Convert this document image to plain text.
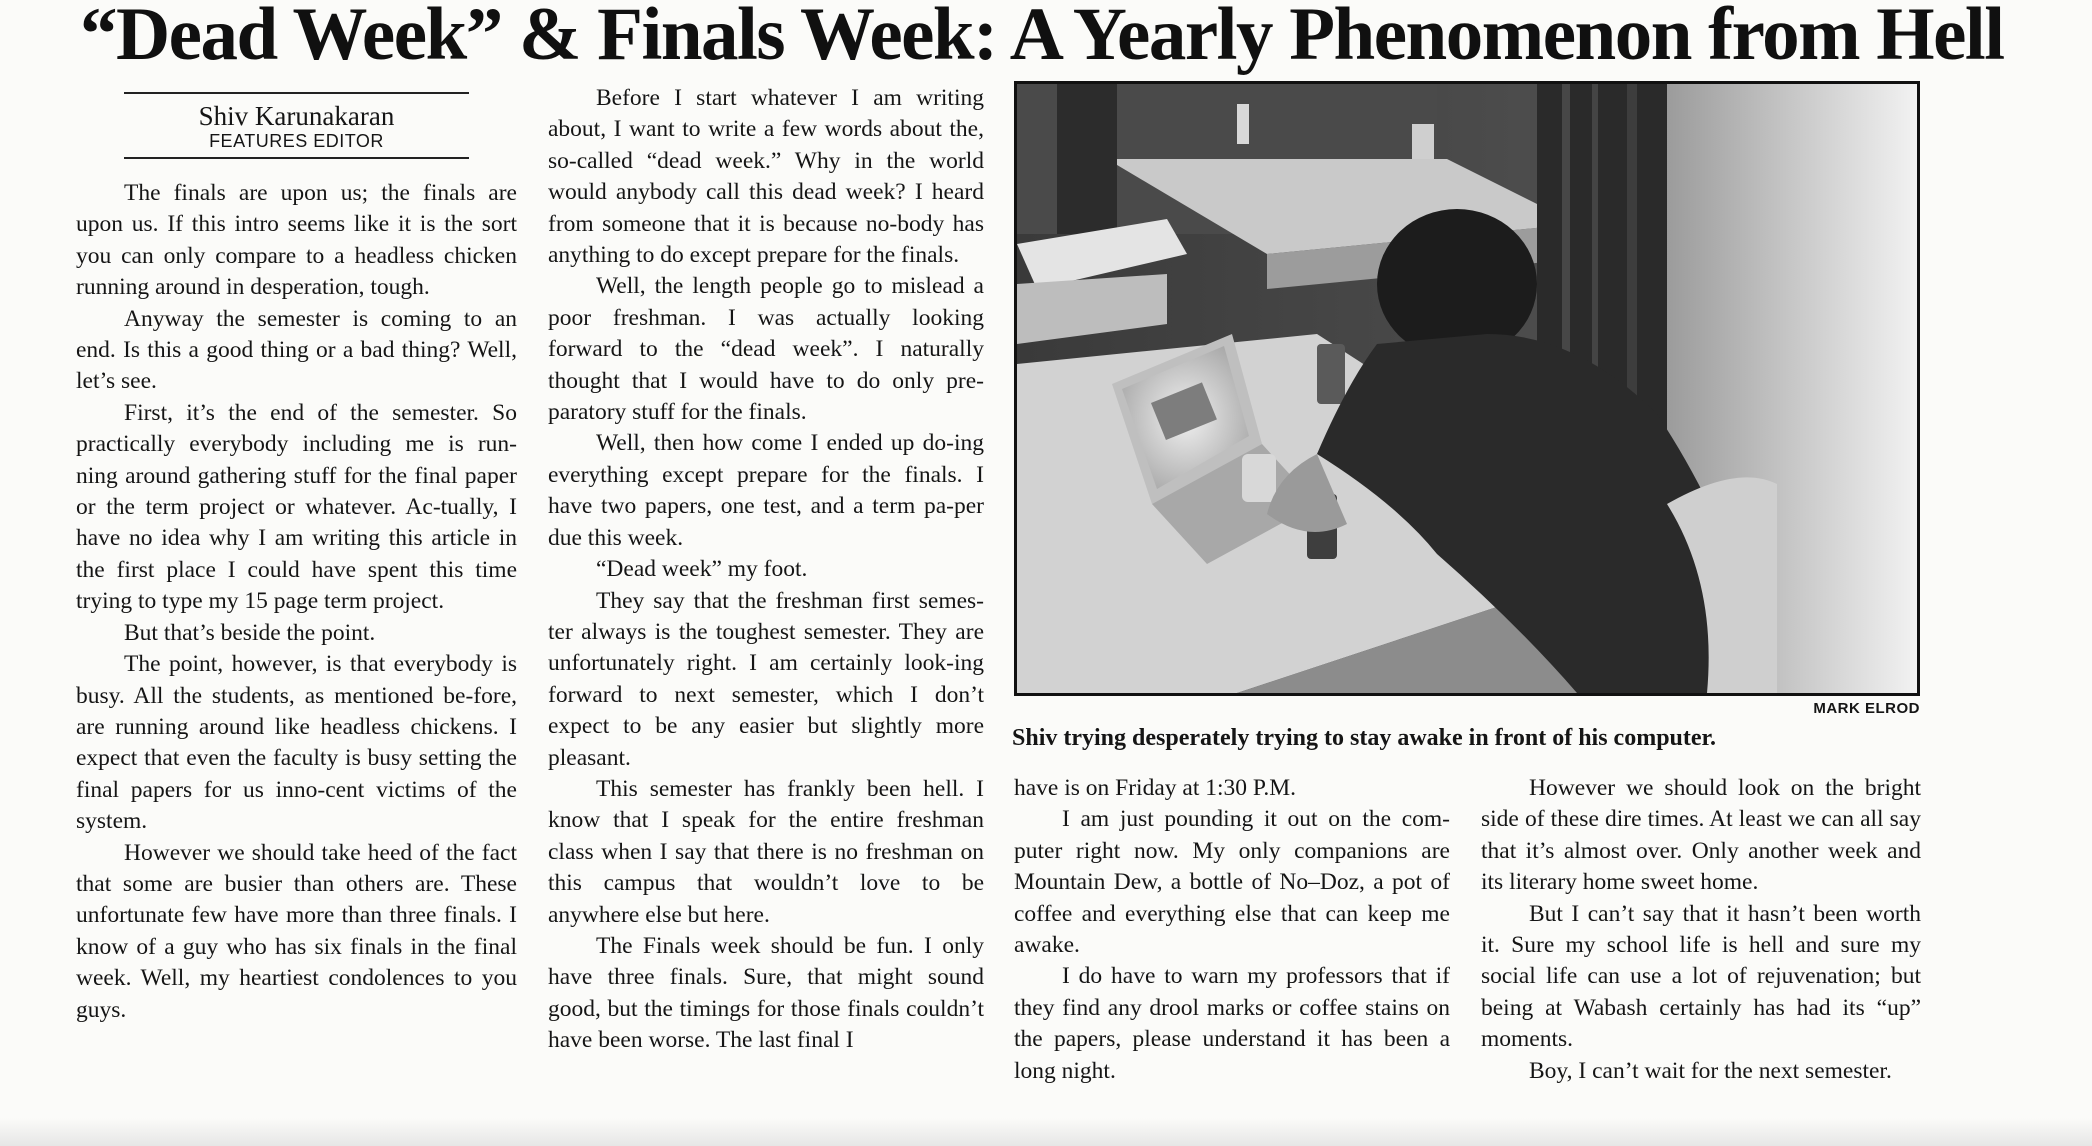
“Dead Week” & Finals Week: A Yearly Phenomenon from Hell
Shiv Karunakaran
FEATURES EDITOR

The finals are upon us; the finals are upon us. If this intro seems like it is the sort you can only compare to a headless chicken running around in desperation, tough.

Anyway the semester is coming to an end. Is this a good thing or a bad thing? Well, let’s see.

First, it’s the end of the semester. So practically everybody including me is run-ning around gathering stuff for the final paper or the term project or whatever. Ac-tually, I have no idea why I am writing this article in the first place I could have spent this time trying to type my 15 page term project.

But that’s beside the point.

The point, however, is that everybody is busy. All the students, as mentioned be-fore, are running around like headless chickens. I expect that even the faculty is busy setting the final papers for us inno-cent victims of the system.

However we should take heed of the fact that some are busier than others are. These unfortunate few have more than three finals. I know of a guy who has six finals in the final week. Well, my heartiest condolences to you guys.

Before I start whatever I am writing about, I want to write a few words about the, so-called “dead week.” Why in the world would anybody call this dead week? I heard from someone that it is because no-body has anything to do except prepare for the finals.

Well, the length people go to mislead a poor freshman. I was actually looking forward to the “dead week”. I naturally thought that I would have to do only pre-paratory stuff for the finals.

Well, then how come I ended up do-ing everything except prepare for the finals. I have two papers, one test, and a term pa-per due this week.

“Dead week” my foot.

They say that the freshman first semes-ter always is the toughest semester. They are unfortunately right. I am certainly look-ing forward to next semester, which I don’t expect to be any easier but slightly more pleasant.

This semester has frankly been hell. I know that I speak for the entire freshman class when I say that there is no freshman on this campus that wouldn’t love to be anywhere else but here.

The Finals week should be fun. I only have three finals. Sure, that might sound good, but the timings for those finals couldn’t have been worse. The last final I

MARK ELROD
Shiv trying desperately trying to stay awake in front of his computer.

have is on Friday at 1:30 P.M.

I am just pounding it out on the com-puter right now. My only companions are Mountain Dew, a bottle of No–Doz, a pot of coffee and everything else that can keep me awake.

I do have to warn my professors that if they find any drool marks or coffee stains on the papers, please understand it has been a long night.

However we should look on the bright side of these dire times. At least we can all say that it’s almost over. Only another week and its literary home sweet home.

But I can’t say that it hasn’t been worth it. Sure my school life is hell and sure my social life can use a lot of rejuvenation; but being at Wabash certainly has had its “up” moments.

Boy, I can’t wait for the next semester.
